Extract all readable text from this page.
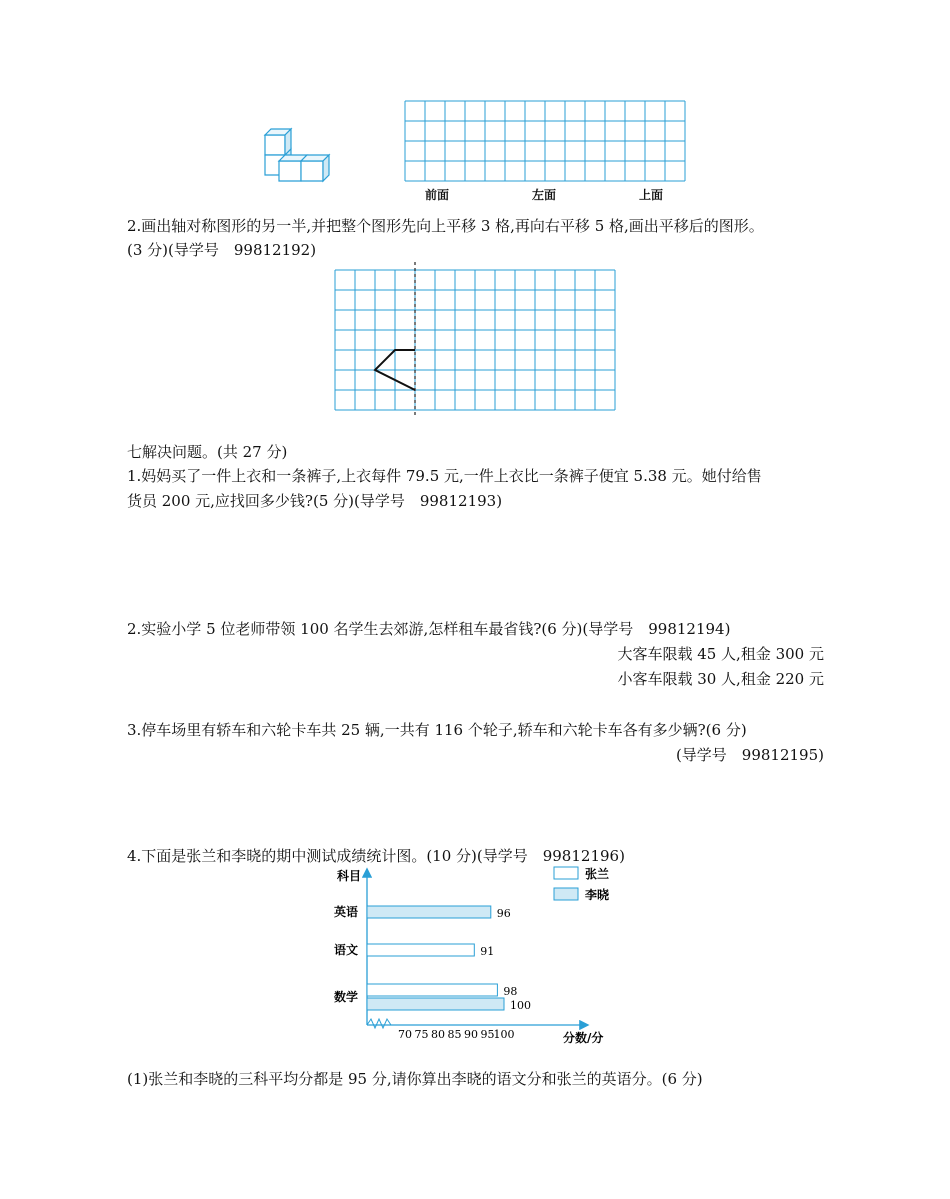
前面	左面	上面
2.画出轴对称图形的另一半,并把整个图形先向上平移 3 格,再向右平移 5 格,画出平移后的图形。
(3 分)(导学号　99812192)
七解决问题。(共 27 分)
1.妈妈买了一件上衣和一条裤子,上衣每件 79.5 元,一件上衣比一条裤子便宜 5.38 元。她付给售
货员 200 元,应找回多少钱?(5 分)(导学号　99812193)
2.实验小学 5 位老师带领 100 名学生去郊游,怎样租车最省钱?(6 分)(导学号　99812194)
大客车限载 45 人,租金 300 元
小客车限载 30 人,租金 220 元
3.停车场里有轿车和六轮卡车共 25 辆,一共有 116 个轮子,轿车和六轮卡车各有多少辆?(6 分)
(导学号　99812195)
4.下面是张兰和李晓的期中测试成绩统计图。(10 分)(导学号　99812196)
科目
分数/分
96
91
98
100
70 75 80 85 90 95 100
英语
语文
数学
张兰
李晓
(1)张兰和李晓的三科平均分都是 95 分,请你算出李晓的语文分和张兰的英语分。(6 分)
